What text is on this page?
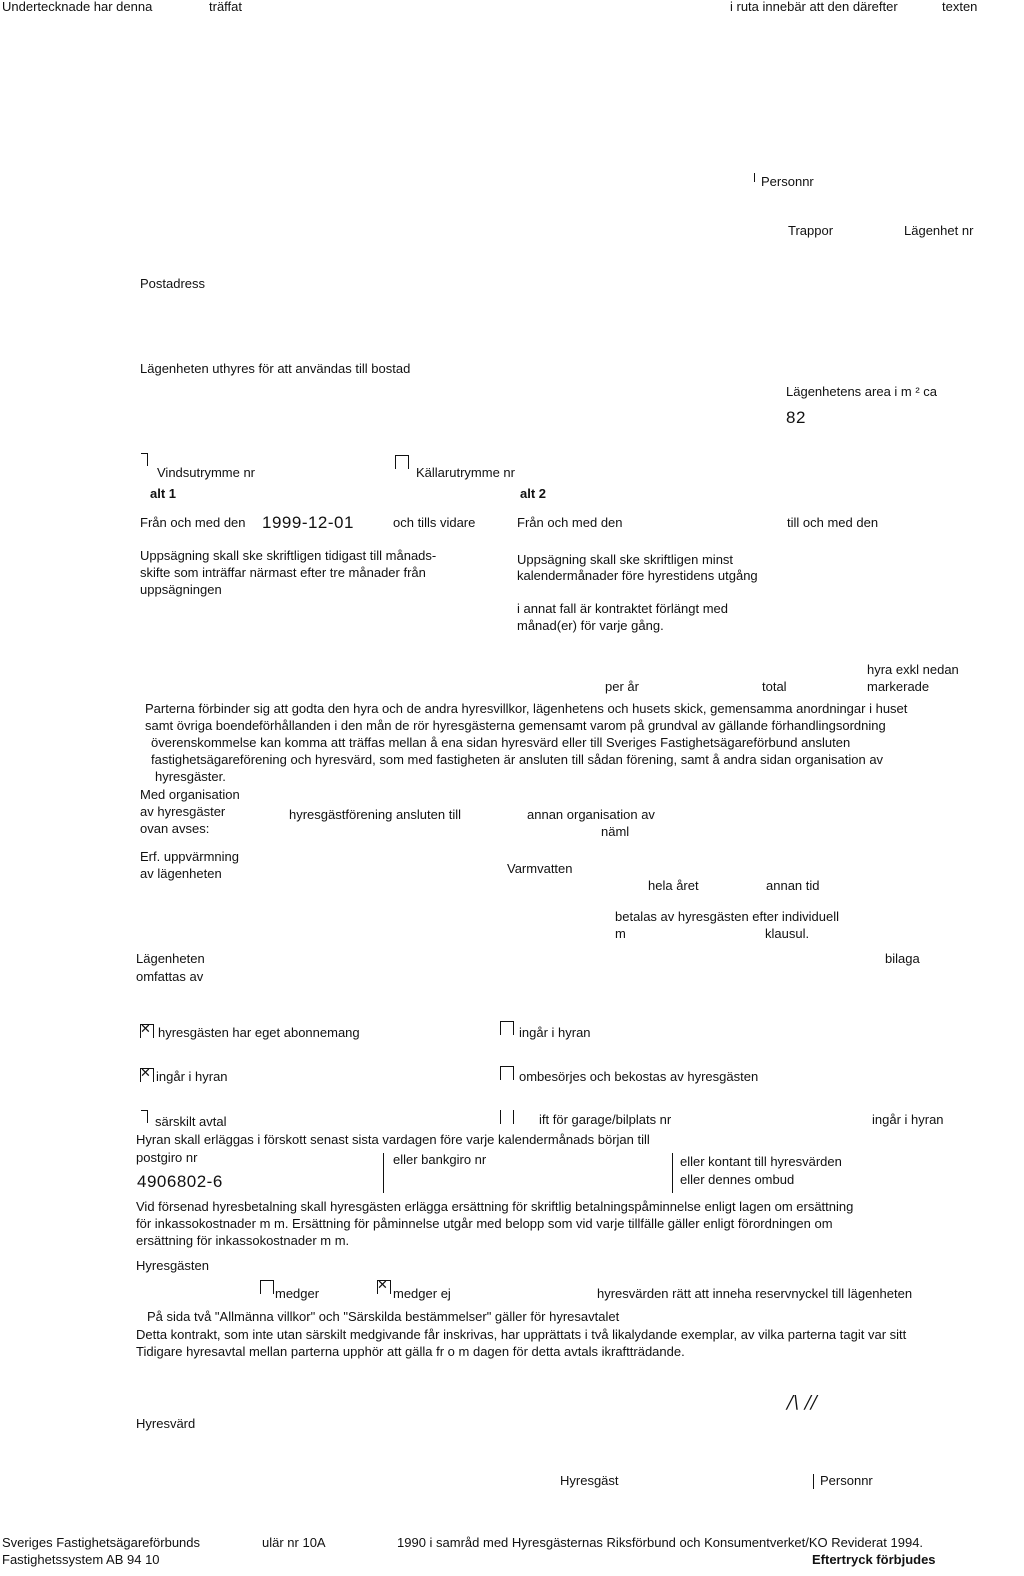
Undertecknade har denna	träffat	i ruta innebär att den därefter	texten
Personnr
Trappor	Lägenhet nr
Postadress
Lägenheten uthyres för att användas till bostad
Lägenhetens area i m ² ca
82
Vindsutrymme nr	Källarutrymme nr
alt 1	alt 2
Från och med den 1999-12-01	och tills vidare	Från och med den	till och med den
Uppsägning skall ske skriftligen tidigast till månads-
skifte som inträffar närmast efter tre månader från
uppsägningen
Uppsägning skall ske skriftligen minst
kalendermånader före hyrestidens utgång
i annat fall är kontraktet förlängt med
månad(er) för varje gång.
hyra exkl nedan
per år	total	markerade
Parterna förbinder sig att godta den hyra och de andra hyresvillkor, lägenhetens och husets skick, gemensamma anordningar i huset
samt övriga boendeförhållanden i den mån de rör hyresgästerna gemensamt varom på grundval av gällande förhandlingsordning
överenskommelse kan komma att träffas mellan å ena sidan hyresvärd eller till Sveriges Fastighetsägareförbund ansluten
fastighetsägareförening och hyresvärd, som med fastigheten är ansluten till sådan förening, samt å andra sidan organisation av
hyresgäster.
Med organisation
av hyresgäster
ovan avses:
hyresgästförening ansluten till	annan organisation av
näml
Erf. uppvärmning
av lägenheten	Varmvatten
hela året	annan tid
betalas av hyresgästen efter individuell
m	klausul.
Lägenheten
omfattas av
bilaga
✕
hyresgästen har eget abonnemang	ingår i hyran
✕
ingår i hyran	ombesörjes och bekostas av hyresgästen
särskilt avtal	ift för garage/bilplats nr	ingår i hyran
Hyran skall erläggas i förskott senast sista vardagen före varje kalendermånads början till
postgiro nr
4906802-6
eller bankgiro nr	eller kontant till hyresvärden
eller dennes ombud
Vid försenad hyresbetalning skall hyresgästen erlägga ersättning för skriftlig betalningspåminnelse enligt lagen om ersättning
för inkassokostnader m m. Ersättning för påminnelse utgår med belopp som vid varje tillfälle gäller enligt förordningen om
ersättning för inkassokostnader m m.
Hyresgästen
medger
✕	medger ej	hyresvärden rätt att inneha reservnyckel till lägenheten
På sida två "Allmänna villkor" och "Särskilda bestämmelser" gäller för hyresavtalet
Detta kontrakt, som inte utan särskilt medgivande får inskrivas, har upprättats i två likalydande exemplar, av vilka parterna tagit var sitt
Tidigare hyresavtal mellan parterna upphör att gälla fr o m dagen för detta avtals ikraftträdande.
/\ //
Hyresvärd
Hyresgäst	Personnr
Sveriges Fastighetsägareförbunds	ulär nr 10A	1990 i samråd med Hyresgästernas Riksförbund och Konsumentverket/KO Reviderat 1994.
Fastighetssystem AB 94 10	Eftertryck förbjudes
